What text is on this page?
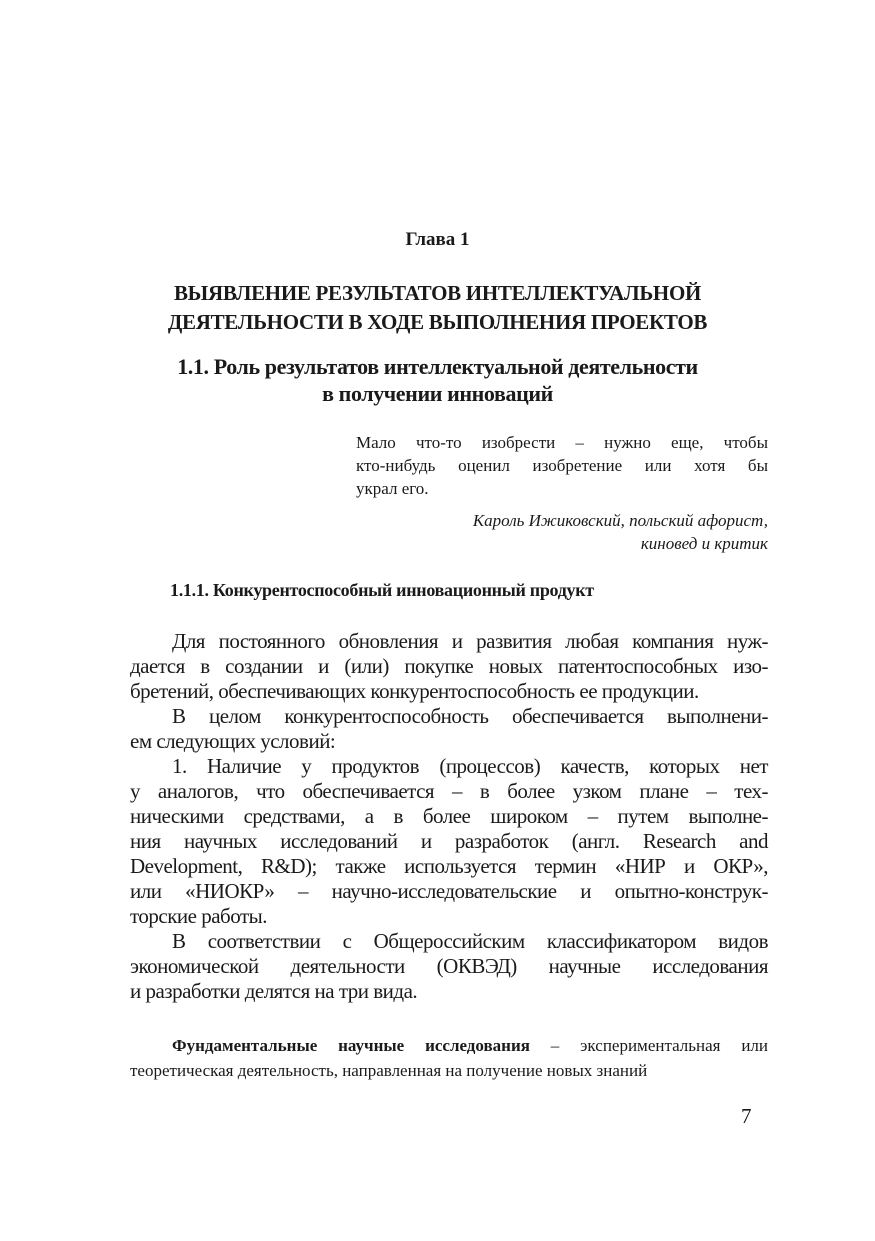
Глава 1
ВЫЯВЛЕНИЕ РЕЗУЛЬТАТОВ ИНТЕЛЛЕКТУАЛЬНОЙ
ДЕЯТЕЛЬНОСТИ В ХОДЕ ВЫПОЛНЕНИЯ ПРОЕКТОВ
1.1. Роль результатов интеллектуальной деятельности
в получении инноваций
Мало что-то изобрести – нужно еще, чтобы
кто-нибудь оценил изобретение или хотя бы
украл его.
Кароль Ижиковский, польский афорист,
киновед и критик
1.1.1. Конкурентоспособный инновационный продукт
Для постоянного обновления и развития любая компания нуж-
дается в создании и (или) покупке новых патентоспособных изо-
бретений, обеспечивающих конкурентоспособность ее продукции.
В целом конкурентоспособность обеспечивается выполнени-
ем следующих условий:
1. Наличие у продуктов (процессов) качеств, которых нет
у аналогов, что обеспечивается – в более узком плане – тех-
ническими средствами, а в более широком – путем выполне-
ния научных исследований и разработок (англ. Research and
Development, R&D); также используется термин «НИР и ОКР»,
или «НИОКР» – научно-исследовательские и опытно-конструк-
торские работы.
В соответствии с Общероссийским классификатором видов
экономической деятельности (ОКВЭД) научные исследования
и разработки делятся на три вида.
Фундаментальные научные исследования – экспериментальная или
теоретическая деятельность, направленная на получение новых знаний
7
